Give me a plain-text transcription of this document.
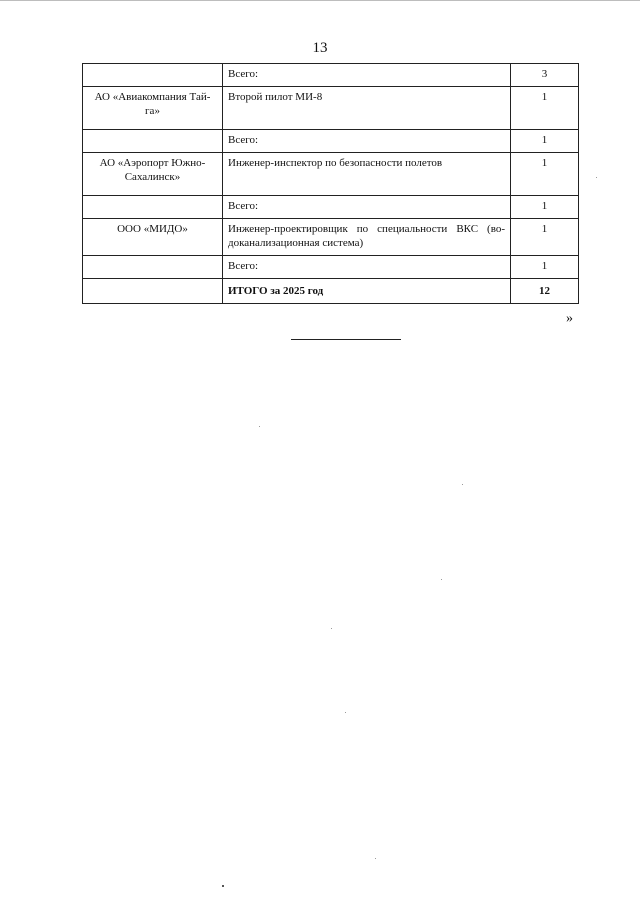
13
	Всего:	3
АО «Авиакомпания Тай-га»	Второй пилот МИ-8	1
	Всего:	1
АО «Аэропорт Южно-Сахалинск»	Инженер-инспектор по безопасности полетов	1
	Всего:	1
ООО «МИДО»	Инженер-проектировщик по специальности ВКС (во-доканализационная система)	1
	Всего:	1
	ИТОГО за 2025 год	12
»
